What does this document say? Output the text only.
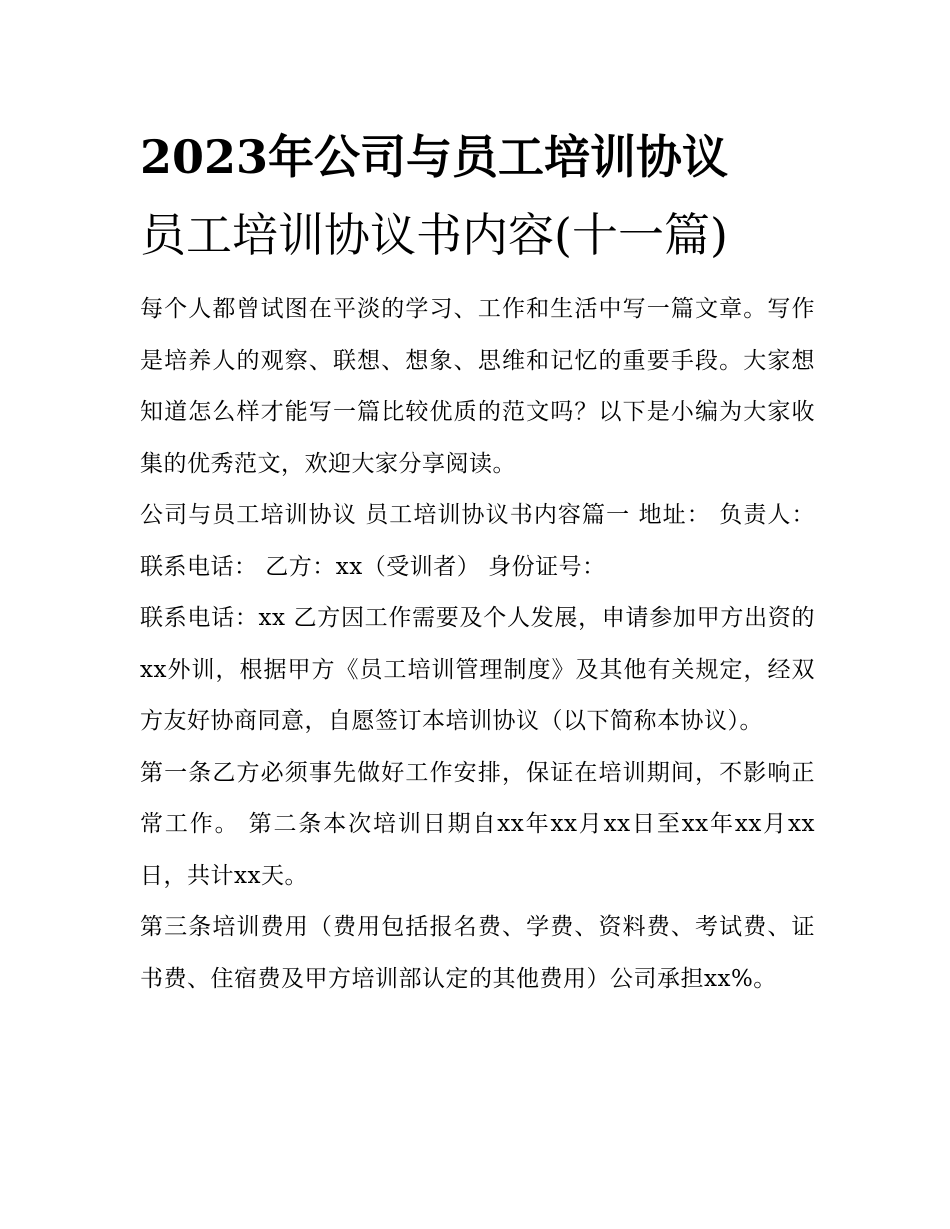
2023年公司与员工培训协议
员工培训协议书内容(十一篇)

每个人都曾试图在平淡的学习、工作和生活中写一篇文章。写作是培养人的观察、联想、想象、思维和记忆的重要手段。大家想知道怎么样才能写一篇比较优质的范文吗？以下是小编为大家收集的优秀范文，欢迎大家分享阅读。

公司与员工培训协议 员工培训协议书内容篇一 地址： 负责人： 联系电话： 乙方：xx（受训者） 身份证号：

联系电话：xx 乙方因工作需要及个人发展，申请参加甲方出资的xx外训，根据甲方《员工培训管理制度》及其他有关规定，经双方友好协商同意，自愿签订本培训协议（以下简称本协议）。

第一条乙方必须事先做好工作安排，保证在培训期间，不影响正常工作。 第二条本次培训日期自xx年xx月xx日至xx年xx月xx日，共计xx天。

第三条培训费用（费用包括报名费、学费、资料费、考试费、证书费、住宿费及甲方培训部认定的其他费用）公司承担xx%。
